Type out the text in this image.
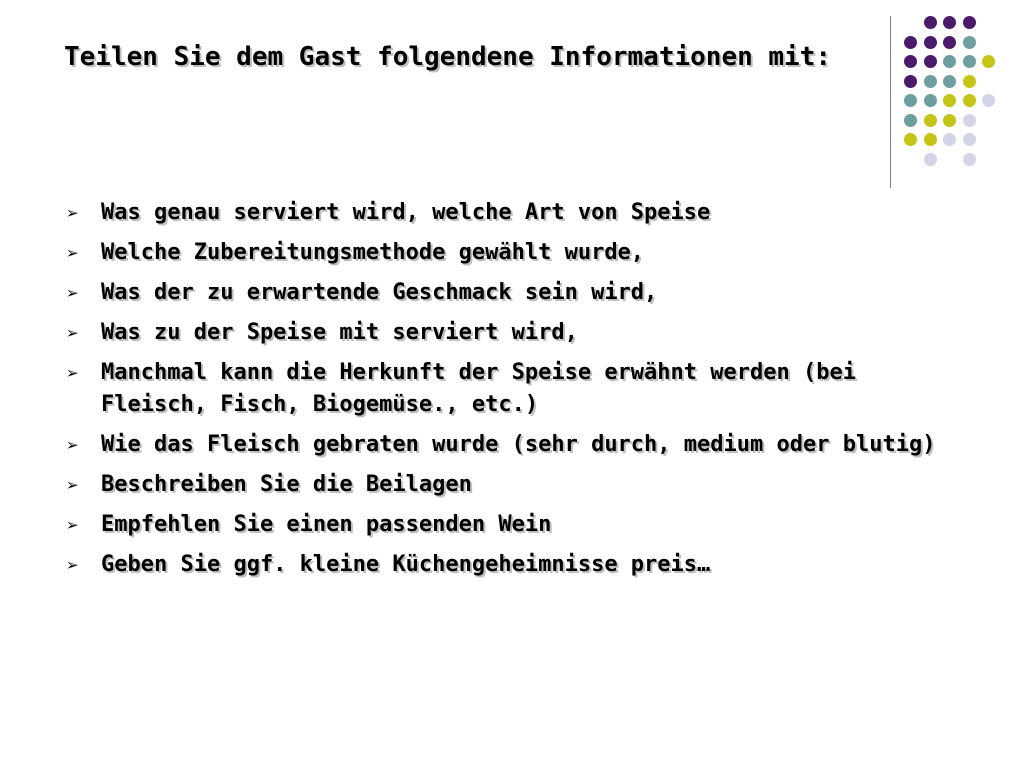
Teilen Sie dem Gast folgendene Informationen mit:
➢ Was genau serviert wird, welche Art von Speise
➢ Welche Zubereitungsmethode gewählt wurde,
➢ Was der zu erwartende Geschmack sein wird,
➢ Was zu der Speise mit serviert wird,
➢ Manchmal kann die Herkunft der Speise erwähnt werden (bei Fleisch, Fisch, Biogemüse., etc.)
➢ Wie das Fleisch gebraten wurde (sehr durch, medium oder blutig)
➢ Beschreiben Sie die Beilagen
➢ Empfehlen Sie einen passenden Wein
➢ Geben Sie ggf. kleine Küchengeheimnisse preis…
